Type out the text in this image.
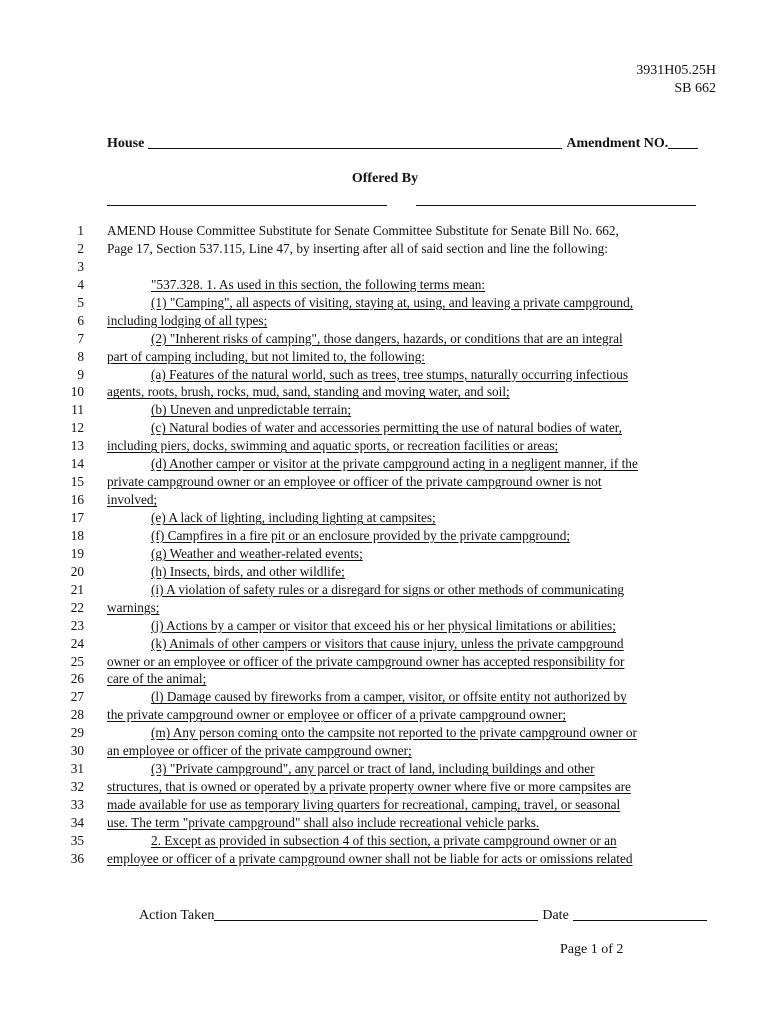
3931H05.25H
SB 662
House	Amendment NO.
Offered By
1 AMEND House Committee Substitute for Senate Committee Substitute for Senate Bill No. 662,
2 Page 17, Section 537.115, Line 47, by inserting after all of said section and line the following:
3
4	"537.328. 1. As used in this section, the following terms mean:
5	(1) "Camping", all aspects of visiting, staying at, using, and leaving a private campground,
6 including lodging of all types;
7	(2) "Inherent risks of camping", those dangers, hazards, or conditions that are an integral
8 part of camping including, but not limited to, the following:
9	(a) Features of the natural world, such as trees, tree stumps, naturally occurring infectious
10 agents, roots, brush, rocks, mud, sand, standing and moving water, and soil;
11	(b) Uneven and unpredictable terrain;
12	(c) Natural bodies of water and accessories permitting the use of natural bodies of water,
13 including piers, docks, swimming and aquatic sports, or recreation facilities or areas;
14	(d) Another camper or visitor at the private campground acting in a negligent manner, if the
15 private campground owner or an employee or officer of the private campground owner is not
16 involved;
17	(e) A lack of lighting, including lighting at campsites;
18	(f) Campfires in a fire pit or an enclosure provided by the private campground;
19	(g) Weather and weather-related events;
20	(h) Insects, birds, and other wildlife;
21	(i) A violation of safety rules or a disregard for signs or other methods of communicating
22 warnings;
23	(j) Actions by a camper or visitor that exceed his or her physical limitations or abilities;
24	(k) Animals of other campers or visitors that cause injury, unless the private campground
25 owner or an employee or officer of the private campground owner has accepted responsibility for
26 care of the animal;
27	(l) Damage caused by fireworks from a camper, visitor, or offsite entity not authorized by
28 the private campground owner or employee or officer of a private campground owner;
29	(m) Any person coming onto the campsite not reported to the private campground owner or
30 an employee or officer of the private campground owner;
31	(3) "Private campground", any parcel or tract of land, including buildings and other
32 structures, that is owned or operated by a private property owner where five or more campsites are
33 made available for use as temporary living quarters for recreational, camping, travel, or seasonal
34 use. The term "private campground" shall also include recreational vehicle parks.
35	2. Except as provided in subsection 4 of this section, a private campground owner or an
36 employee or officer of a private campground owner shall not be liable for acts or omissions related
Action Taken	Date
Page 1 of 2
